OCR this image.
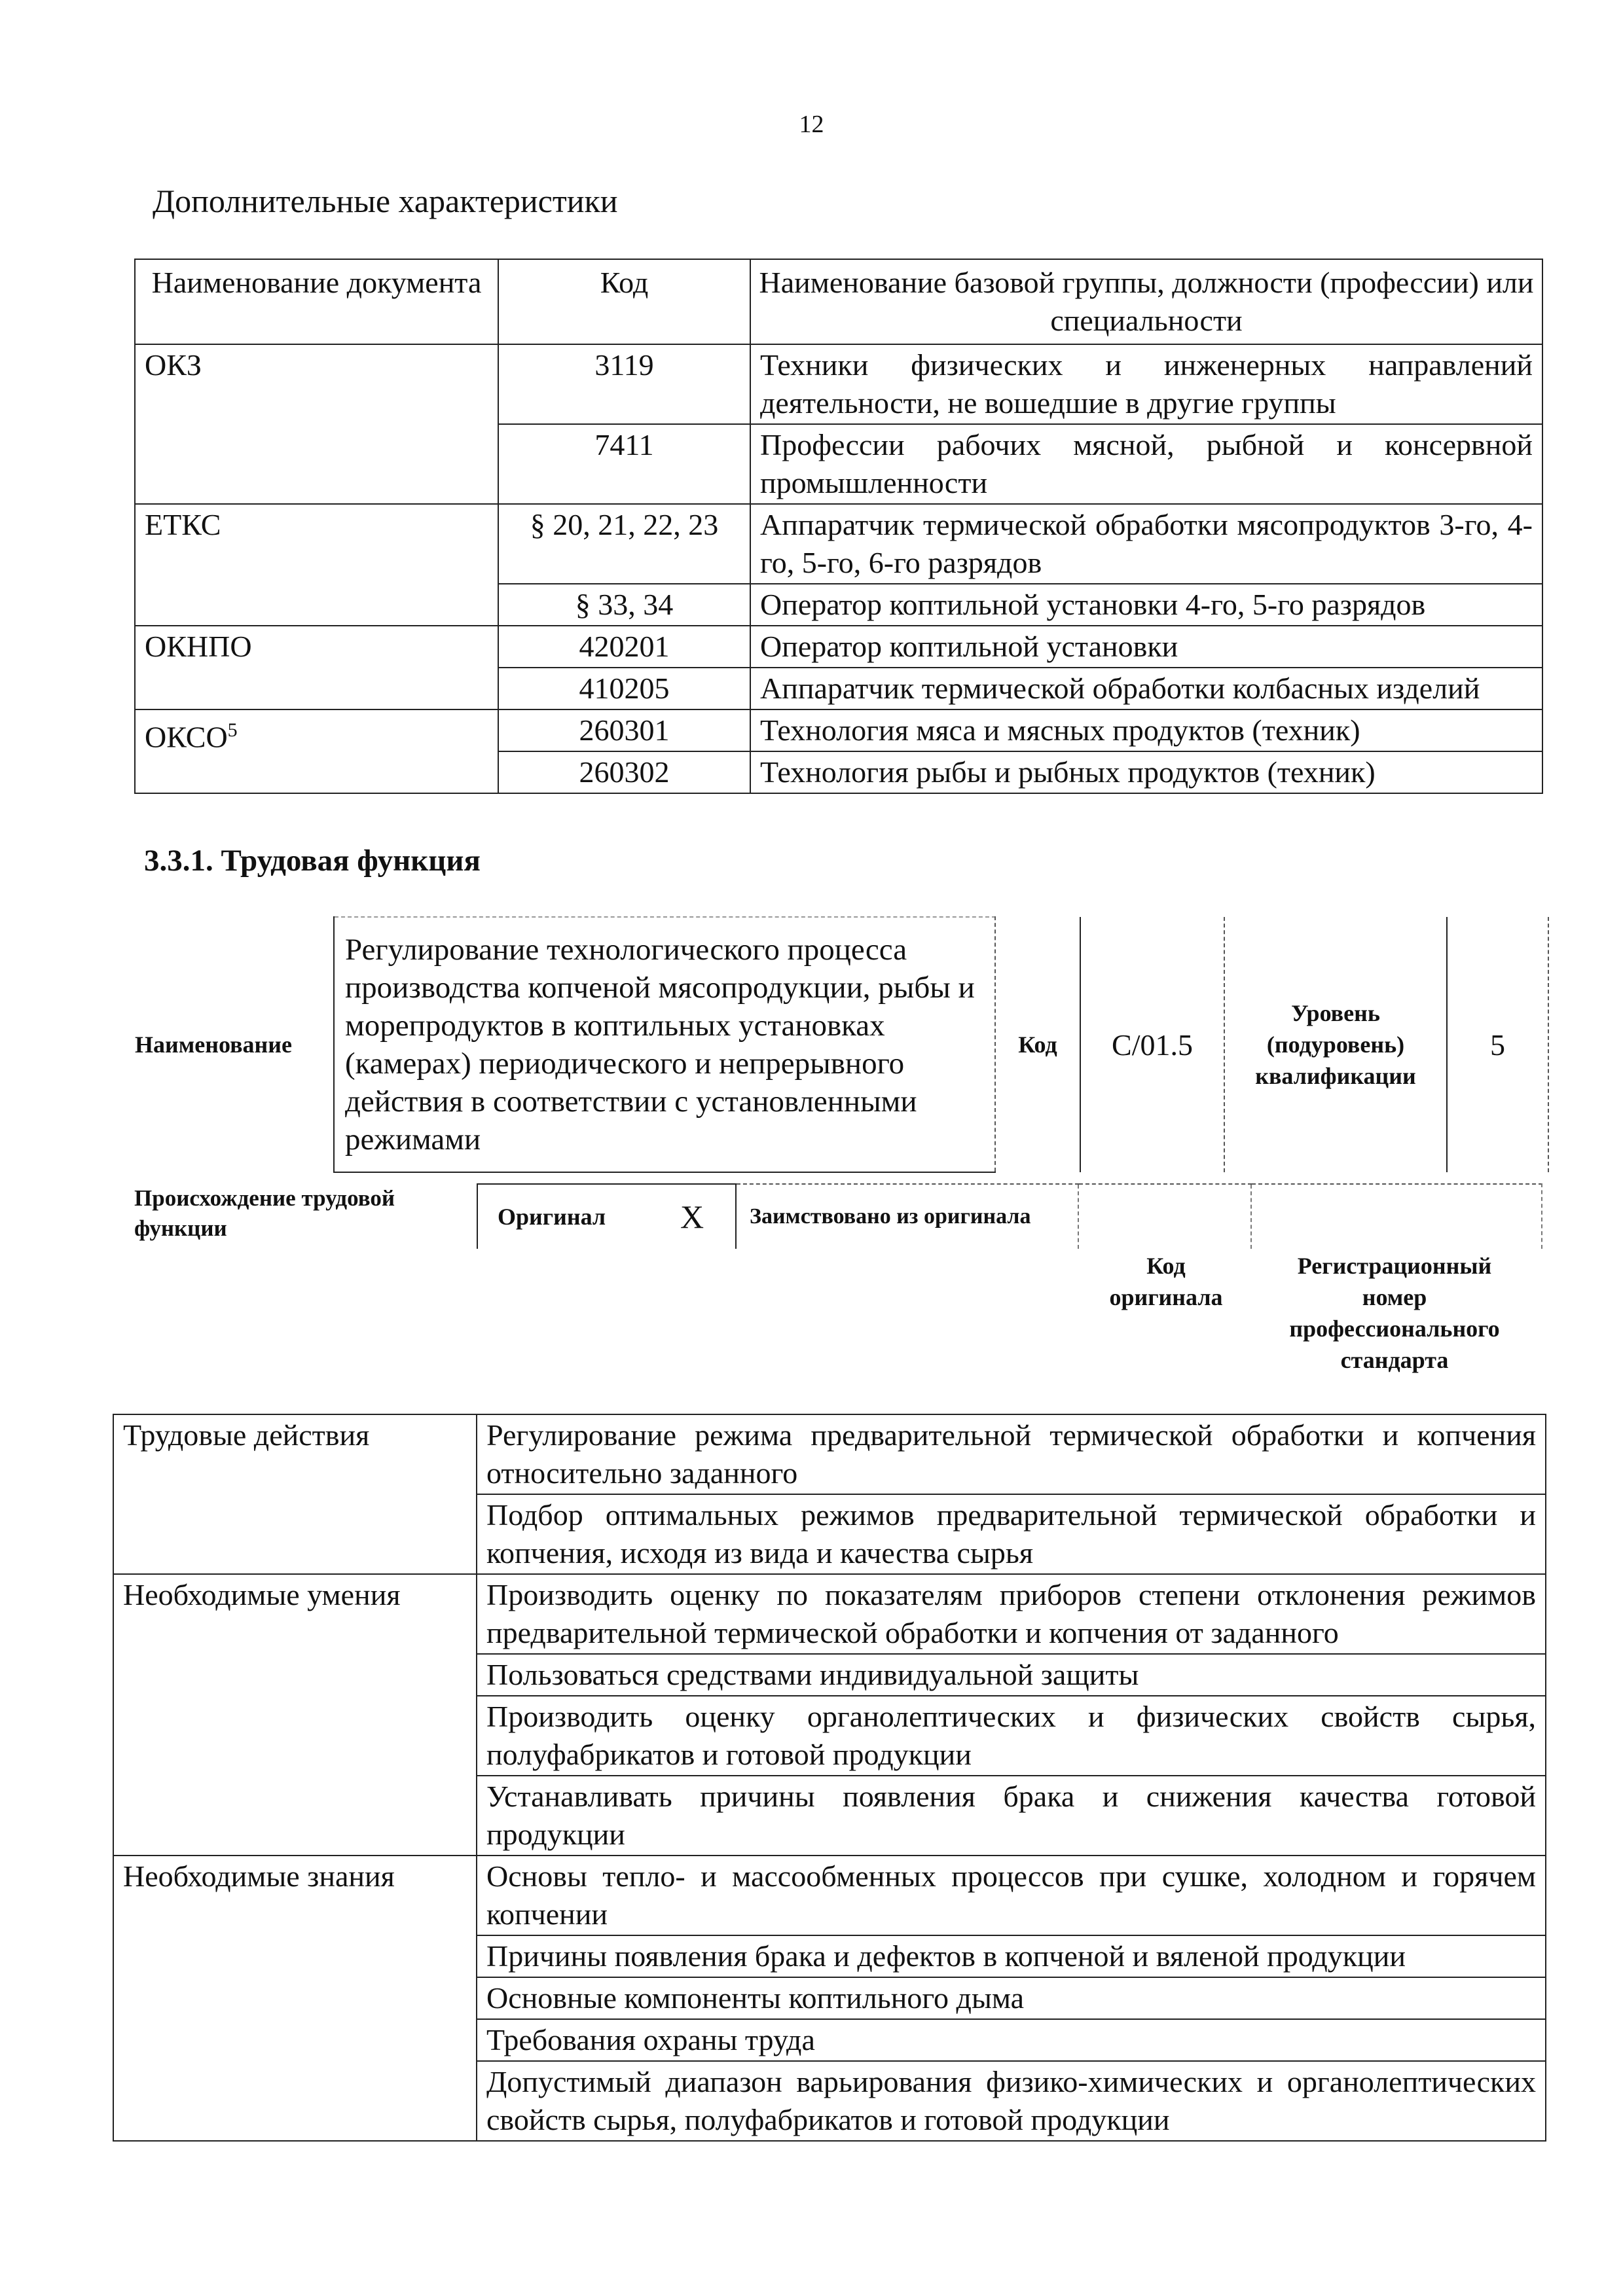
12
Дополнительные характеристики
Наименование документа	Код	Наименование базовой группы, должности (профессии) или специальности
ОКЗ	3119	Техники физических и инженерных направлений деятельности, не вошедшие в другие группы
	7411	Профессии рабочих мясной, рыбной и консервной промышленности
ЕТКС	§ 20, 21, 22, 23	Аппаратчик термической обработки мясопродуктов 3-го, 4-го, 5-го, 6-го разрядов
	§ 33, 34	Оператор коптильной установки 4-го, 5-го разрядов
ОКНПО	420201	Оператор коптильной установки
	410205	Аппаратчик термической обработки колбасных изделий
ОКСО$^5$	260301	Технология мяса и мясных продуктов (техник)
	260302	Технология рыбы и рыбных продуктов (техник)
3.3.1. Трудовая функция
Наименование	Регулирование технологического процесса производства копченой мясопродукции, рыбы и морепродуктов в коптильных установках (камерах) периодического и непрерывного действия в соответствии с установленными режимами	Код	C/01.5	Уровень (подуровень) квалификации	5
Происхождение трудовой функции	Оригинал	X	Заимствовано из оригинала		
Код оригинала
Регистрационный номер профессионального стандарта
Трудовые действия	Регулирование режима предварительной термической обработки и копчения относительно заданного
	Подбор оптимальных режимов предварительной термической обработки и копчения, исходя из вида и качества сырья
Необходимые умения	Производить оценку по показателям приборов степени отклонения режимов предварительной термической обработки и копчения от заданного
	Пользоваться средствами индивидуальной защиты
	Производить оценку органолептических и физических свойств сырья, полуфабрикатов и готовой продукции
	Устанавливать причины появления брака и снижения качества готовой продукции
Необходимые знания	Основы тепло- и массообменных процессов при сушке, холодном и горячем копчении
	Причины появления брака и дефектов в копченой и вяленой продукции
	Основные компоненты коптильного дыма
	Требования охраны труда
	Допустимый диапазон варьирования физико-химических и органолептических свойств сырья, полуфабрикатов и готовой продукции
